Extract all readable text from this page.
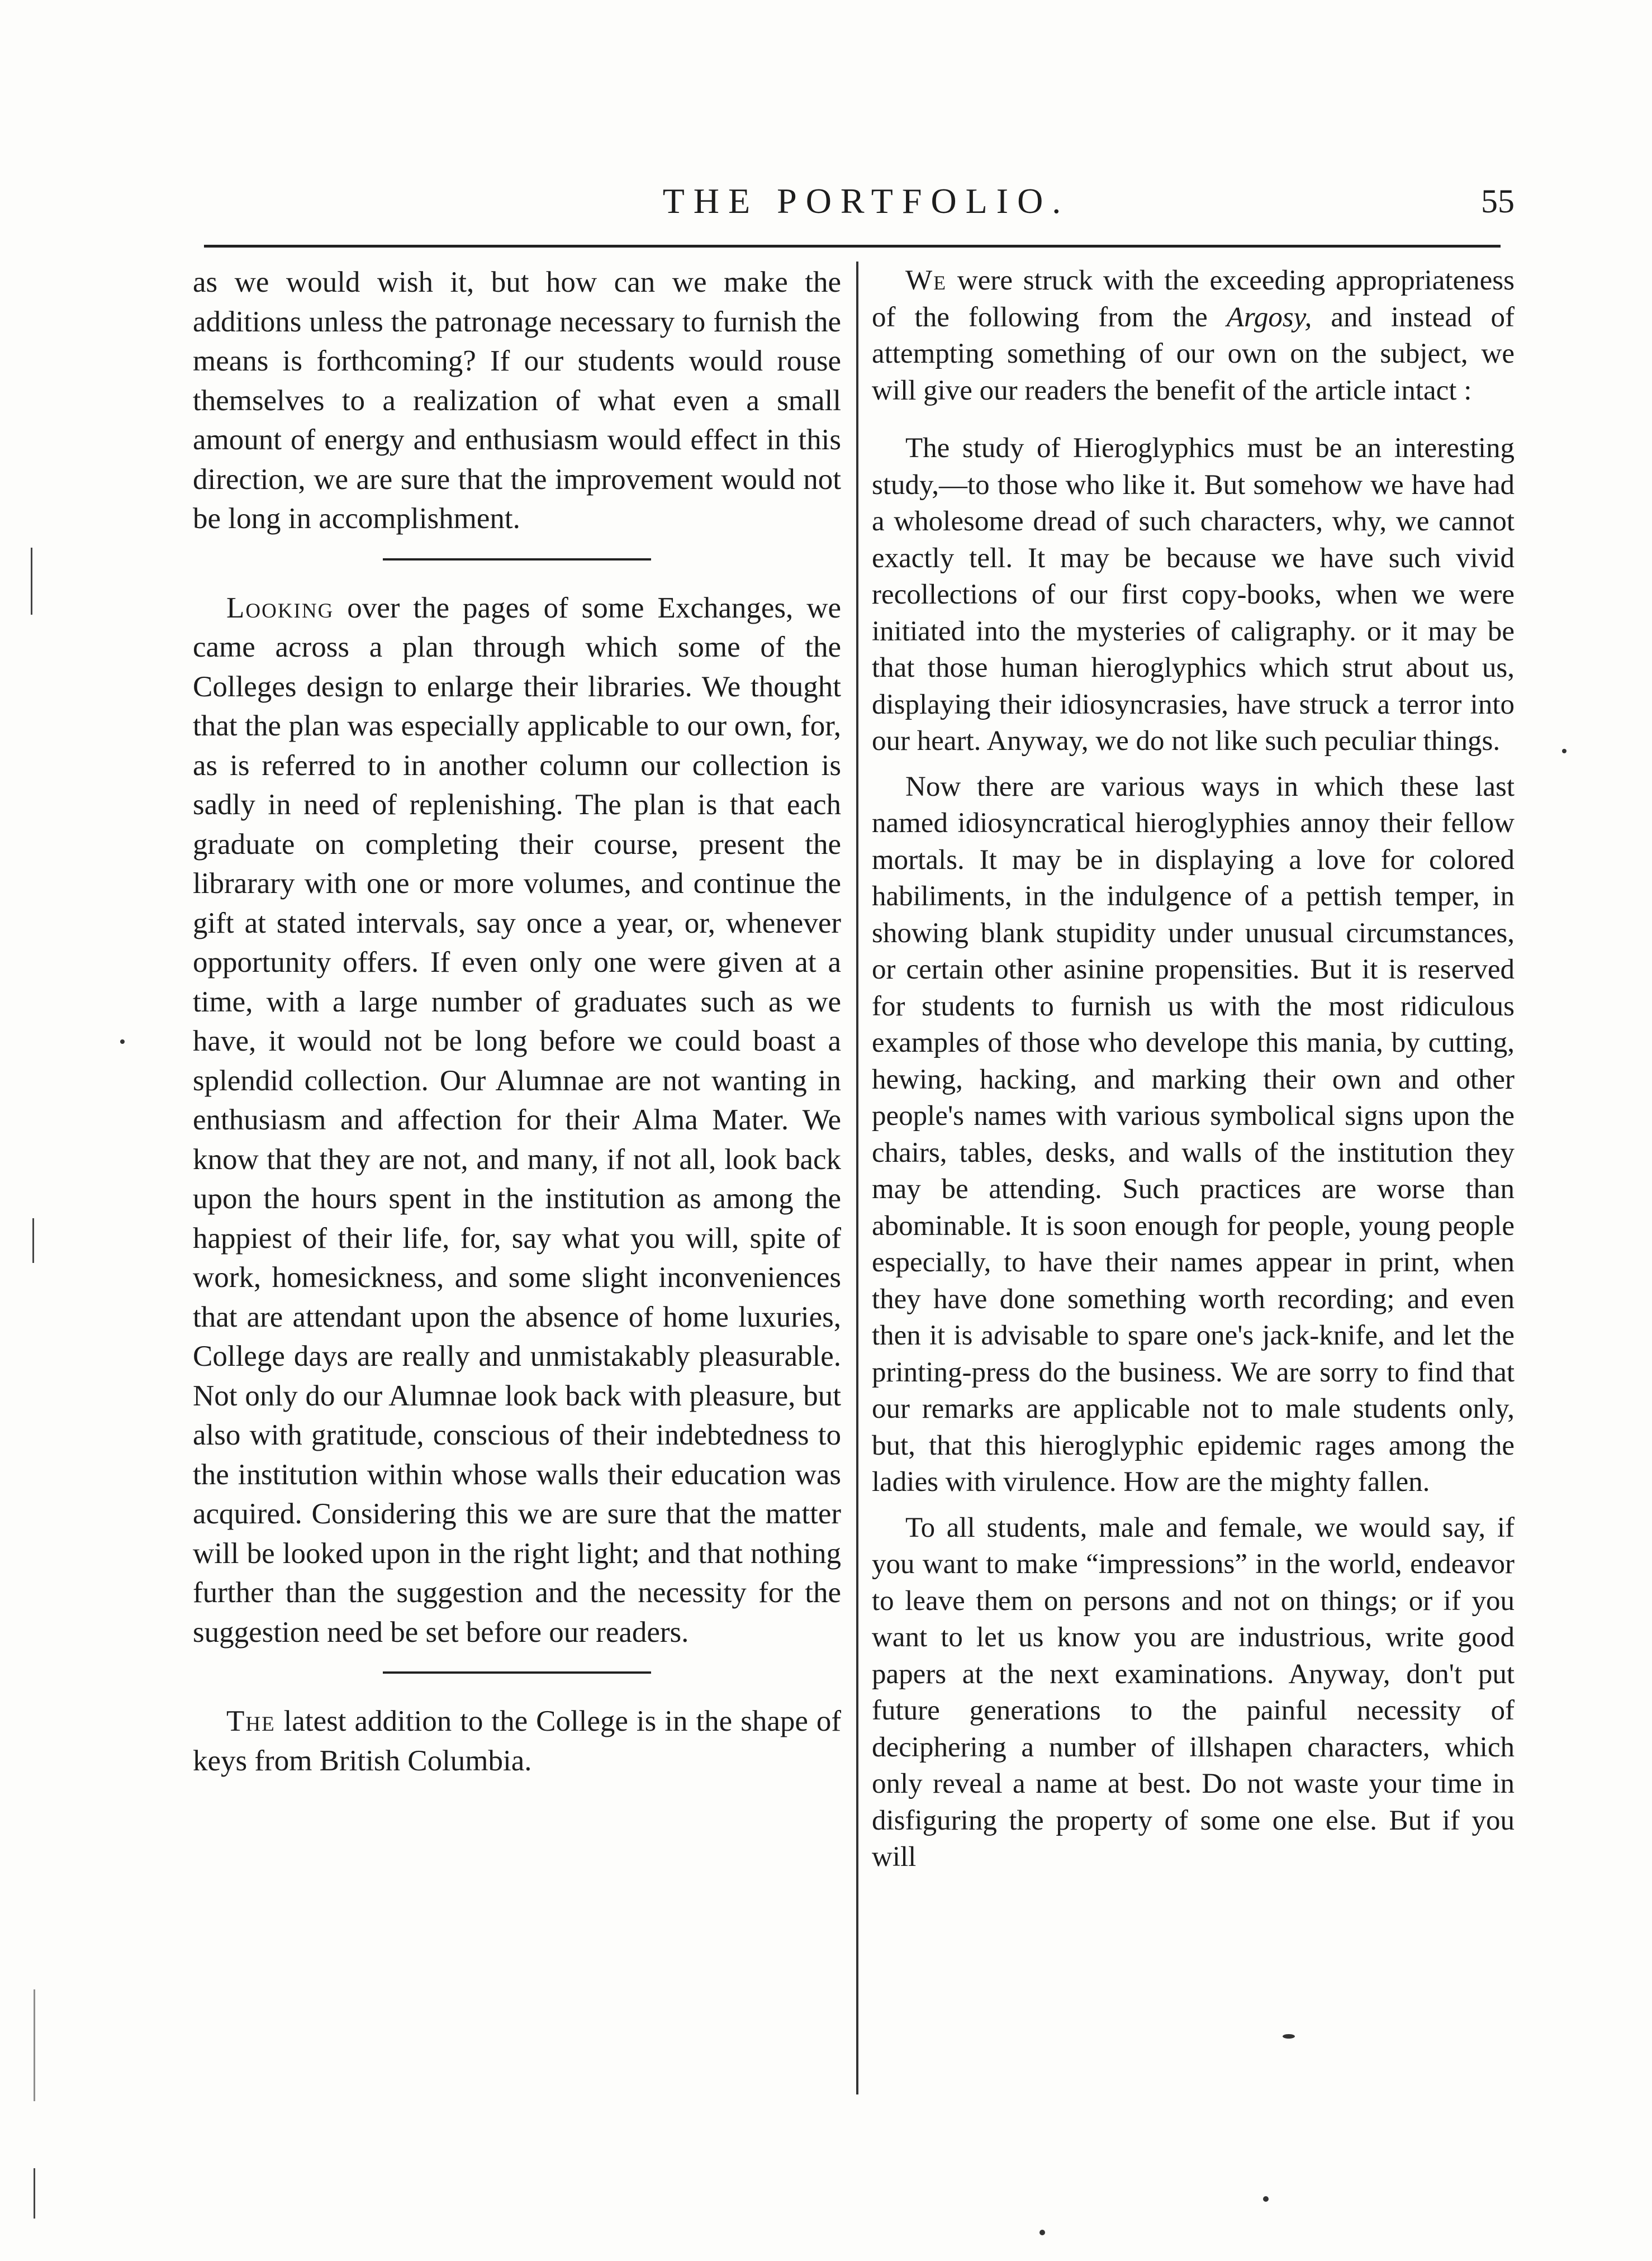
THE PORTFOLIO.	55

as we would wish it, but how can we make the additions unless the patronage necessary to furnish the means is forthcoming? If our students would rouse themselves to a realization of what even a small amount of energy and enthusiasm would effect in this direction, we are sure that the improvement would not be long in accomplishment.

Looking over the pages of some Exchanges, we came across a plan through which some of the Colleges design to enlarge their libraries. We thought that the plan was especially applicable to our own, for, as is referred to in another column our collection is sadly in need of replenishing. The plan is that each graduate on completing their course, present the librarary with one or more volumes, and continue the gift at stated intervals, say once a year, or, whenever opportunity offers. If even only one were given at a time, with a large number of graduates such as we have, it would not be long before we could boast a splendid collection. Our Alumnae are not wanting in enthusiasm and affection for their Alma Mater. We know that they are not, and many, if not all, look back upon the hours spent in the institution as among the happiest of their life, for, say what you will, spite of work, homesickness, and some slight inconveniences that are attendant upon the absence of home luxuries, College days are really and unmistakably pleasurable. Not only do our Alumnae look back with pleasure, but also with gratitude, conscious of their indebtedness to the institution within whose walls their education was acquired. Considering this we are sure that the matter will be looked upon in the right light; and that nothing further than the suggestion and the necessity for the suggestion need be set before our readers.

The latest addition to the College is in the shape of keys from British Columbia.

We were struck with the exceeding appropriateness of the following from the Argosy, and instead of attempting something of our own on the subject, we will give our readers the benefit of the article intact :

The study of Hieroglyphics must be an interesting study,—to those who like it. But somehow we have had a wholesome dread of such characters, why, we cannot exactly tell. It may be because we have such vivid recollections of our first copy-books, when we were initiated into the mysteries of caligraphy. or it may be that those human hieroglyphics which strut about us, displaying their idiosyncrasies, have struck a terror into our heart. Anyway, we do not like such peculiar things.

Now there are various ways in which these last named idiosyncratical hieroglyphies annoy their fellow mortals. It may be in displaying a love for colored habiliments, in the indulgence of a pettish temper, in showing blank stupidity under unusual circumstances, or certain other asinine propensities. But it is reserved for students to furnish us with the most ridiculous examples of those who develope this mania, by cutting, hewing, hacking, and marking their own and other people's names with various symbolical signs upon the chairs, tables, desks, and walls of the institution they may be attending. Such practices are worse than abominable. It is soon enough for people, young people especially, to have their names appear in print, when they have done something worth recording; and even then it is advisable to spare one's jack-knife, and let the printing-press do the business. We are sorry to find that our remarks are applicable not to male students only, but, that this hieroglyphic epidemic rages among the ladies with virulence. How are the mighty fallen.

To all students, male and female, we would say, if you want to make “impressions” in the world, endeavor to leave them on persons and not on things; or if you want to let us know you are industrious, write good papers at the next examinations. Anyway, don't put future generations to the painful necessity of deciphering a number of illshapen characters, which only reveal a name at best. Do not waste your time in disfiguring the property of some one else. But if you will
